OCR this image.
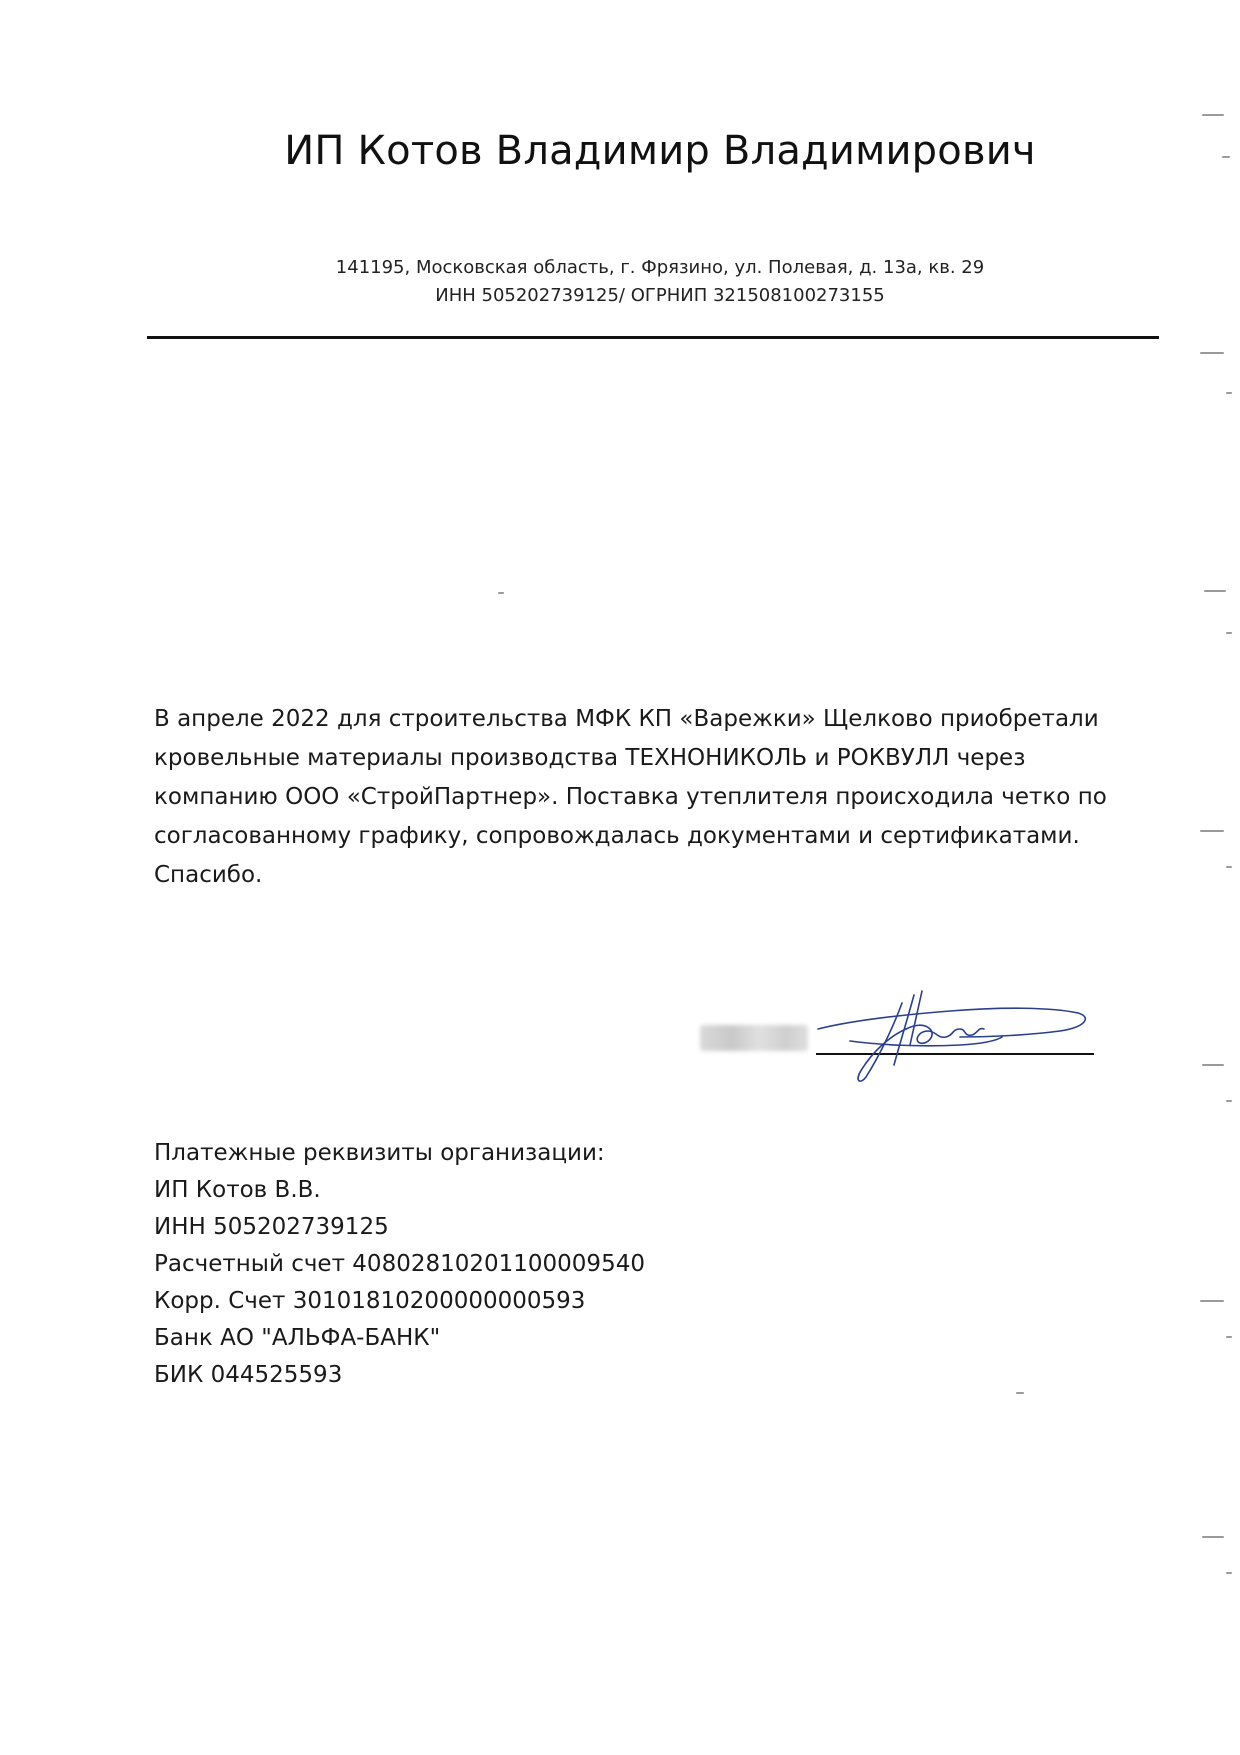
ИП Котов Владимир Владимирович
141195, Московская область, г. Фрязино, ул. Полевая, д. 13а, кв. 29
ИНН 505202739125/ ОГРНИП 321508100273155

В апреле 2022 для строительства МФК КП «Варежки» Щелково приобретали кровельные материалы производства ТЕХНОНИКОЛЬ и РОКВУЛЛ через компанию ООО «СтройПартнер». Поставка утеплителя происходила четко по согласованному графику, сопровождалась документами и сертификатами.

Спасибо.

Платежные реквизиты организации:
ИП Котов В.В.
ИНН 505202739125
Расчетный счет 40802810201100009540
Корр. Счет 30101810200000000593
Банк АО "АЛЬФА-БАНК"
БИК 044525593
